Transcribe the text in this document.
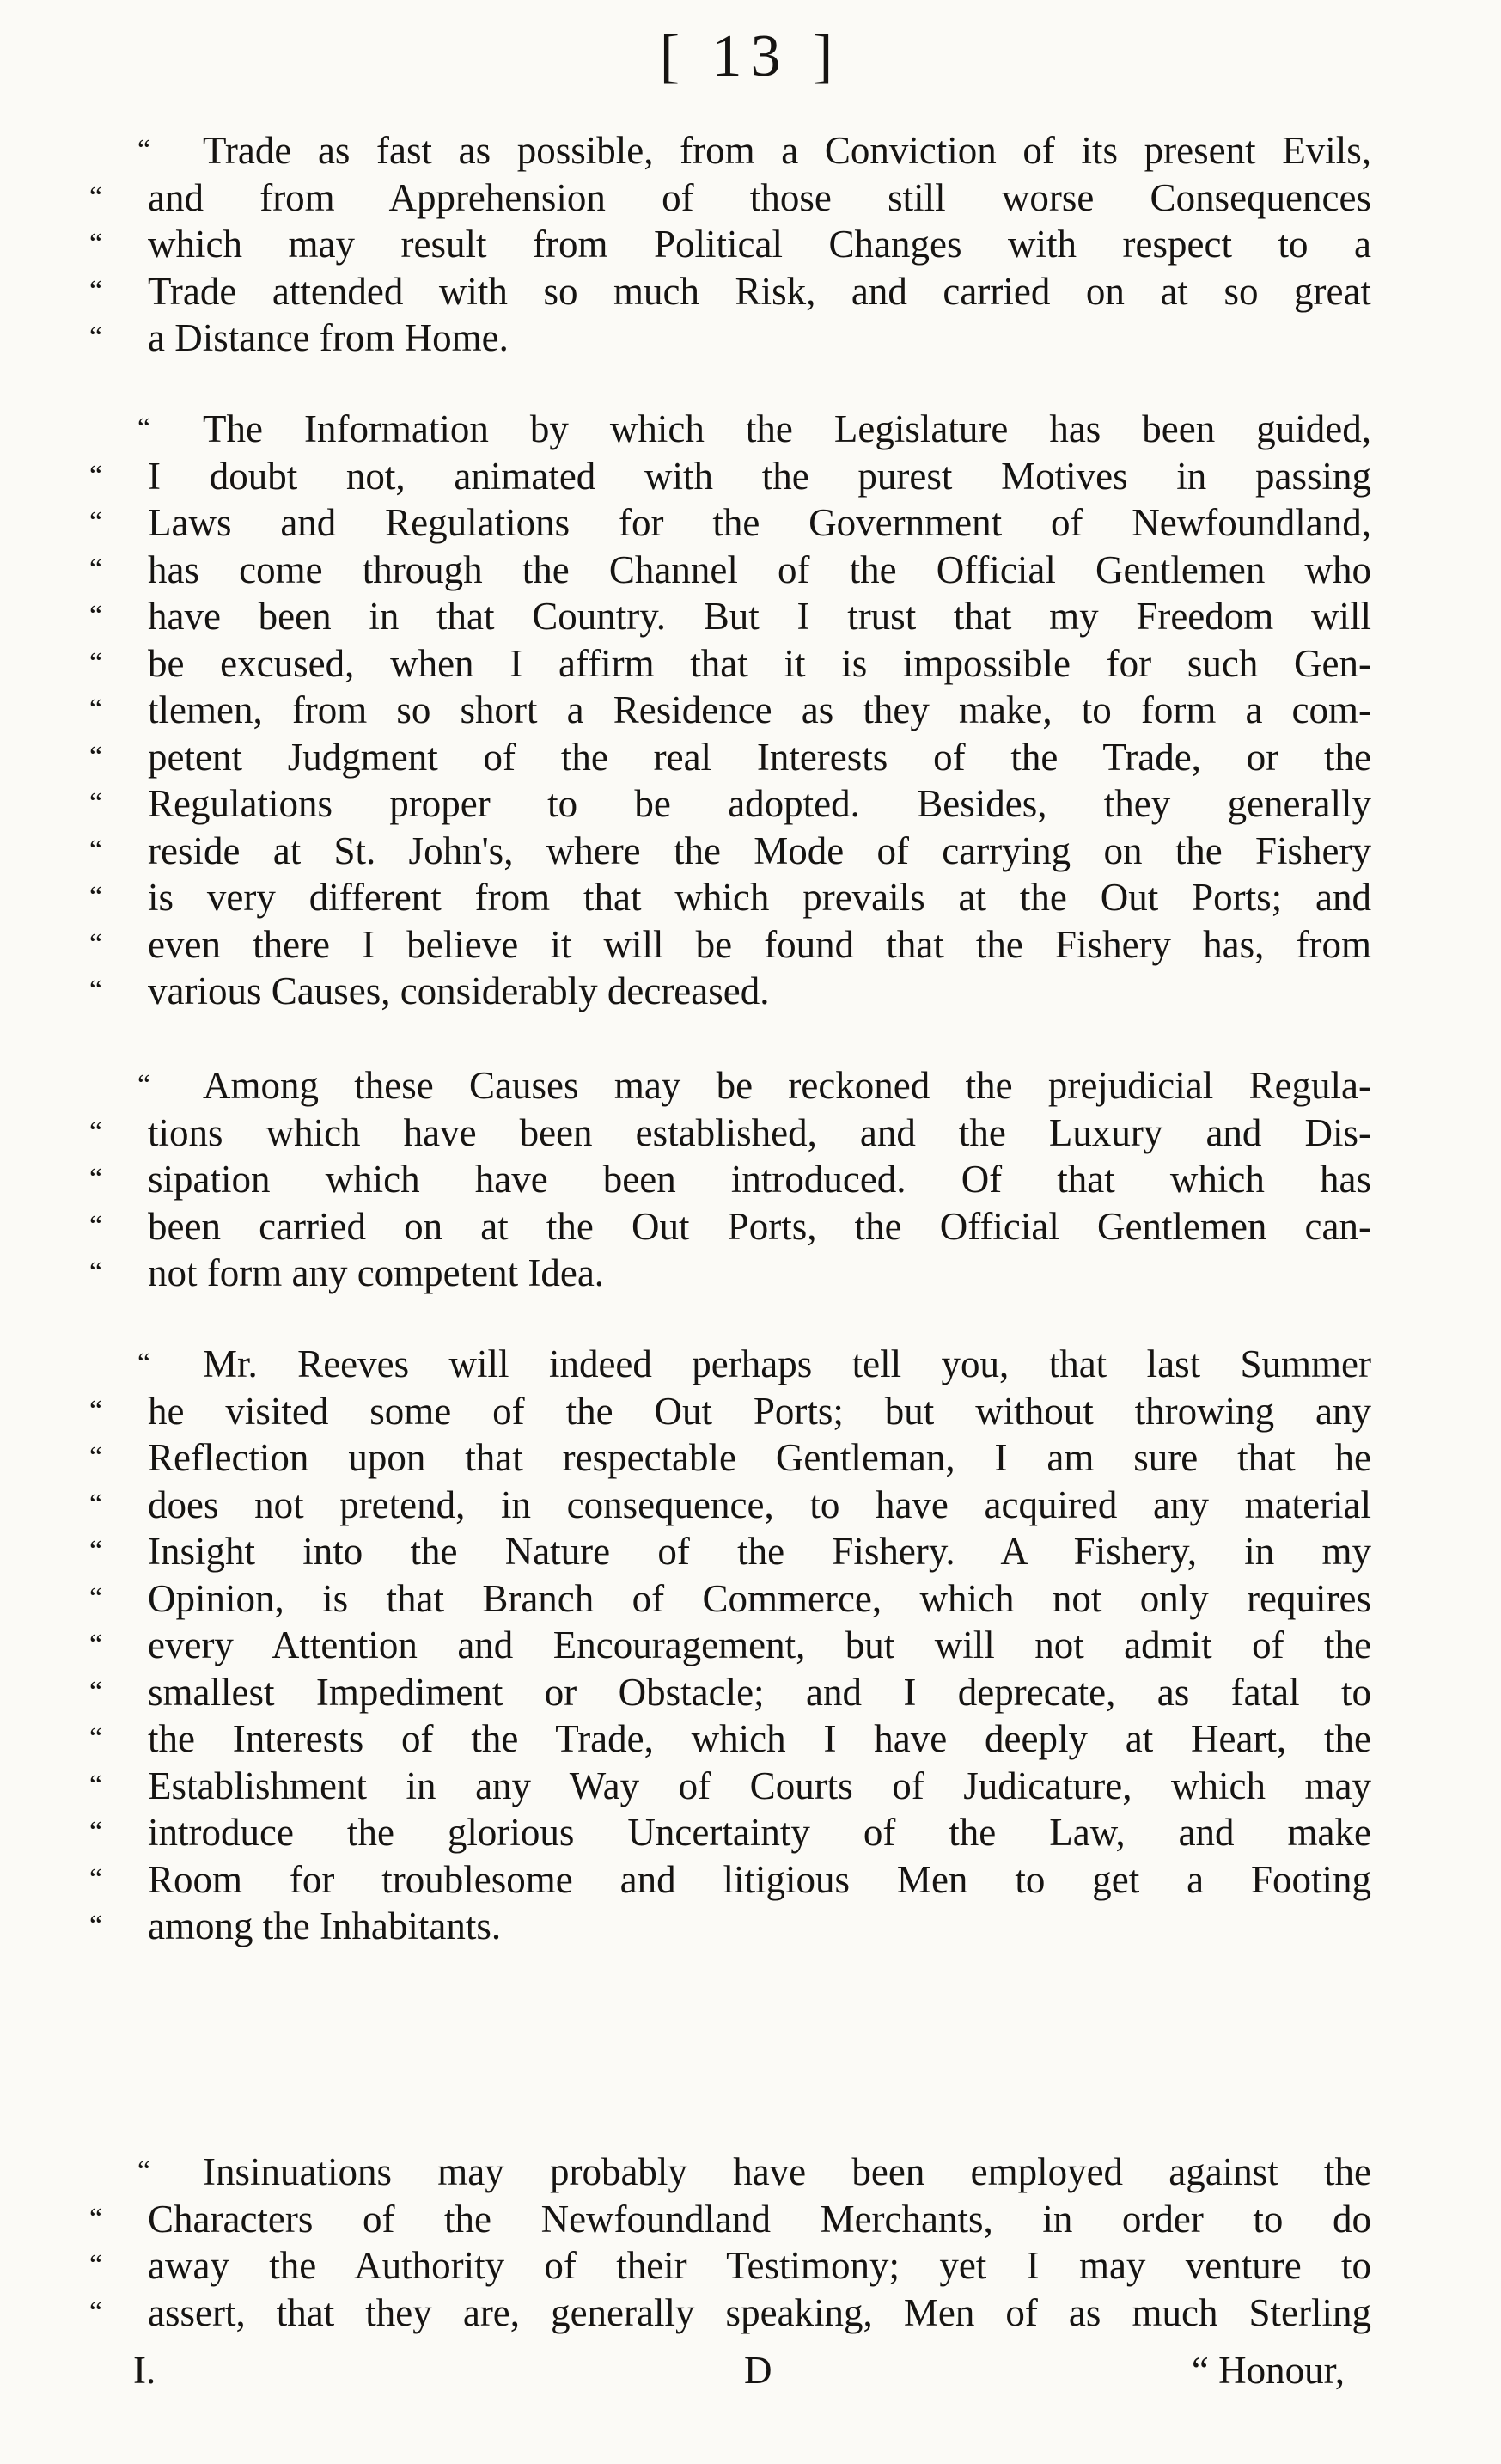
[ 13 ]
“ Trade as fast as possible, from a Conviction of its present Evils,
“ and from Apprehension of those still worse Consequences
“ which may result from Political Changes with respect to a
“ Trade attended with so much Risk, and carried on at so great
“ a Distance from Home.
“ The Information by which the Legislature has been guided,
“ I doubt not, animated with the purest Motives in passing
“ Laws and Regulations for the Government of Newfoundland,
“ has come through the Channel of the Official Gentlemen who
“ have been in that Country. But I trust that my Freedom will
“ be excused, when I affirm that it is impossible for such Gen-
“ tlemen, from so short a Residence as they make, to form a com-
“ petent Judgment of the real Interests of the Trade, or the
“ Regulations proper to be adopted. Besides, they generally
“ reside at St. John's, where the Mode of carrying on the Fishery
“ is very different from that which prevails at the Out Ports; and
“ even there I believe it will be found that the Fishery has, from
“ various Causes, considerably decreased.
“ Among these Causes may be reckoned the prejudicial Regula-
“ tions which have been established, and the Luxury and Dis-
“ sipation which have been introduced. Of that which has
“ been carried on at the Out Ports, the Official Gentlemen can-
“ not form any competent Idea.
“ Mr. Reeves will indeed perhaps tell you, that last Summer
“ he visited some of the Out Ports; but without throwing any
“ Reflection upon that respectable Gentleman, I am sure that he
“ does not pretend, in consequence, to have acquired any material
“ Insight into the Nature of the Fishery. A Fishery, in my
“ Opinion, is that Branch of Commerce, which not only requires
“ every Attention and Encouragement, but will not admit of the
“ smallest Impediment or Obstacle; and I deprecate, as fatal to
“ the Interests of the Trade, which I have deeply at Heart, the
“ Establishment in any Way of Courts of Judicature, which may
“ introduce the glorious Uncertainty of the Law, and make
“ Room for troublesome and litigious Men to get a Footing
“ among the Inhabitants.
“ Insinuations may probably have been employed against the
“ Characters of the Newfoundland Merchants, in order to do
“ away the Authority of their Testimony; yet I may venture to
“ assert, that they are, generally speaking, Men of as much Sterling
I.	D	“ Honour,
